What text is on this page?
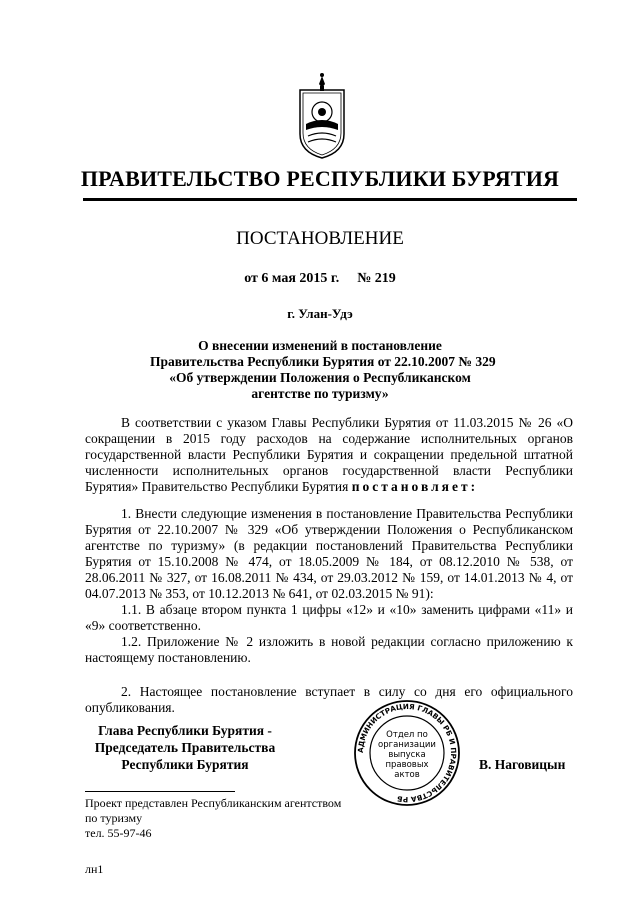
ПРАВИТЕЛЬСТВО РЕСПУБЛИКИ БУРЯТИЯ
ПОСТАНОВЛЕНИЕ
от 6 мая 2015 г. № 219
г. Улан-Удэ
О внесении изменений в постановление
Правительства Республики Бурятия от 22.10.2007 № 329
«Об утверждении Положения о Республиканском
агентстве по туризму»

В соответствии с указом Главы Республики Бурятия от 11.03.2015 № 26 «О сокращении в 2015 году расходов на содержание исполнительных органов государственной власти Республики Бурятия и сокращении предельной штатной численности исполнительных органов государственной власти Республики Бурятия» Правительство Республики Бурятия постановляет:

1. Внести следующие изменения в постановление Правительства Республики Бурятия от 22.10.2007 № 329 «Об утверждении Положения о Республиканском агентстве по туризму» (в редакции постановлений Правительства Республики Бурятия от 15.10.2008 № 474, от 18.05.2009 № 184, от 08.12.2010 № 538, от 28.06.2011 № 327, от 16.08.2011 № 434, от 29.03.2012 № 159, от 14.01.2013 № 4, от 04.07.2013 № 353, от 10.12.2013 № 641, от 02.03.2015 № 91):

1.1. В абзаце втором пункта 1 цифры «12» и «10» заменить цифрами «11» и «9» соответственно.

1.2. Приложение № 2 изложить в новой редакции согласно приложению к настоящему постановлению.

2. Настоящее постановление вступает в силу со дня его официального опубликования.

Глава Республики Бурятия -
Председатель Правительства
Республики Бурятия
АДМИНИСТРАЦИЯ ГЛАВЫ РБ И ПРАВИТЕЛЬСТВА РБ
Отдел по
организации
выпуска
правовых
актов
В. Наговицын
Проект представлен Республиканским агентством
по туризму
тел. 55-97-46
лн1
